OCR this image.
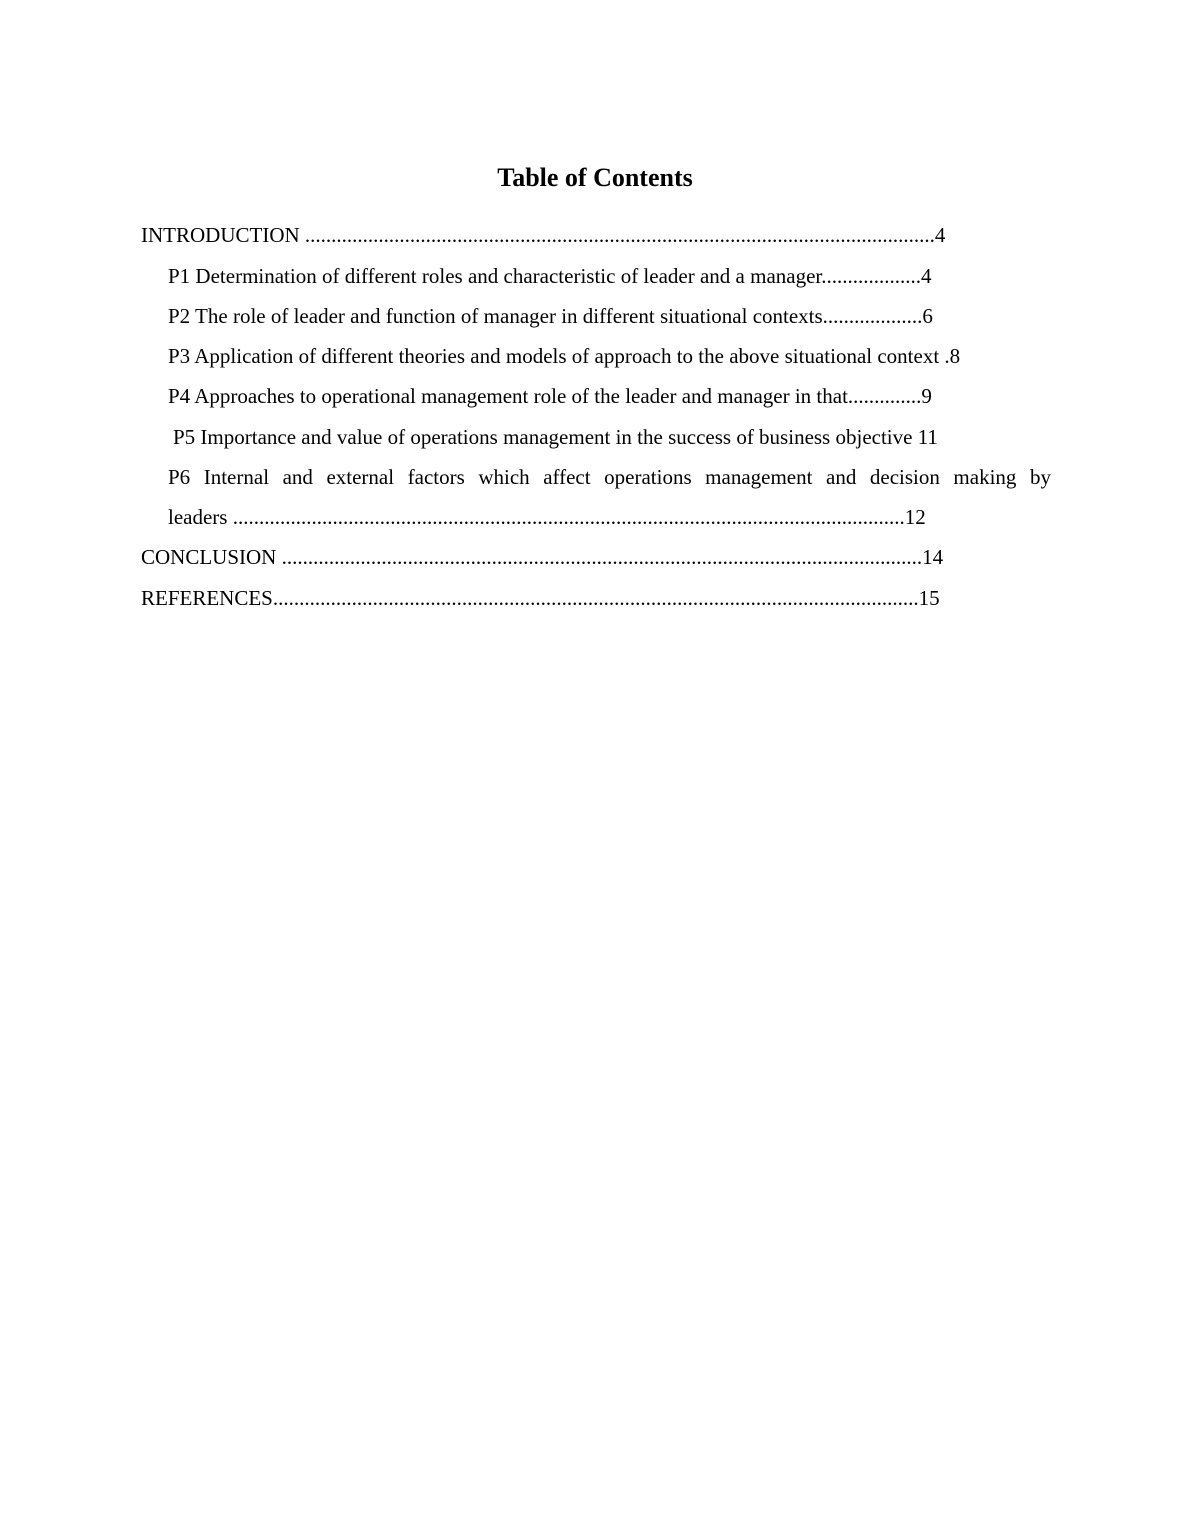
Table of Contents
INTRODUCTION ........................................................................................................................4
P1 Determination of different roles and characteristic of leader and a manager...................4
P2 The role of leader and function of manager in different situational contexts...................6
P3 Application of different theories and models of approach to the above situational context .8
P4 Approaches to operational management role of the leader and manager in that..............9
P5 Importance and value of operations management in the success of business objective 11
P6 Internal and external factors which affect operations management and decision making by
leaders ................................................................................................................................12
CONCLUSION ..........................................................................................................................14
REFERENCES...........................................................................................................................15
